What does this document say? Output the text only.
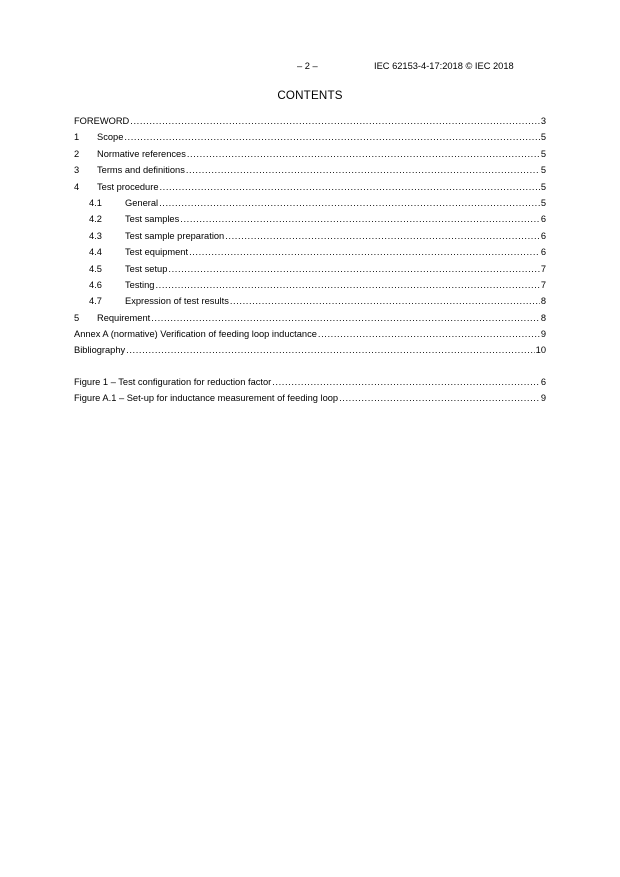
– 2 –	IEC 62153-4-17:2018 © IEC 2018
CONTENTS
FOREWORD .....	3
1	Scope .....	5
2	Normative references .....	5
3	Terms and definitions .....	5
4	Test procedure .....	5
4.1	General .....	5
4.2	Test samples .....	6
4.3	Test sample preparation .....	6
4.4	Test equipment .....	6
4.5	Test setup .....	7
4.6	Testing .....	7
4.7	Expression of test results .....	8
5	Requirement .....	8
Annex A (normative) Verification of feeding loop inductance .....	9
Bibliography .....	10
Figure 1 – Test configuration for reduction factor .....	6
Figure A.1 – Set-up for inductance measurement of feeding loop .....	9
